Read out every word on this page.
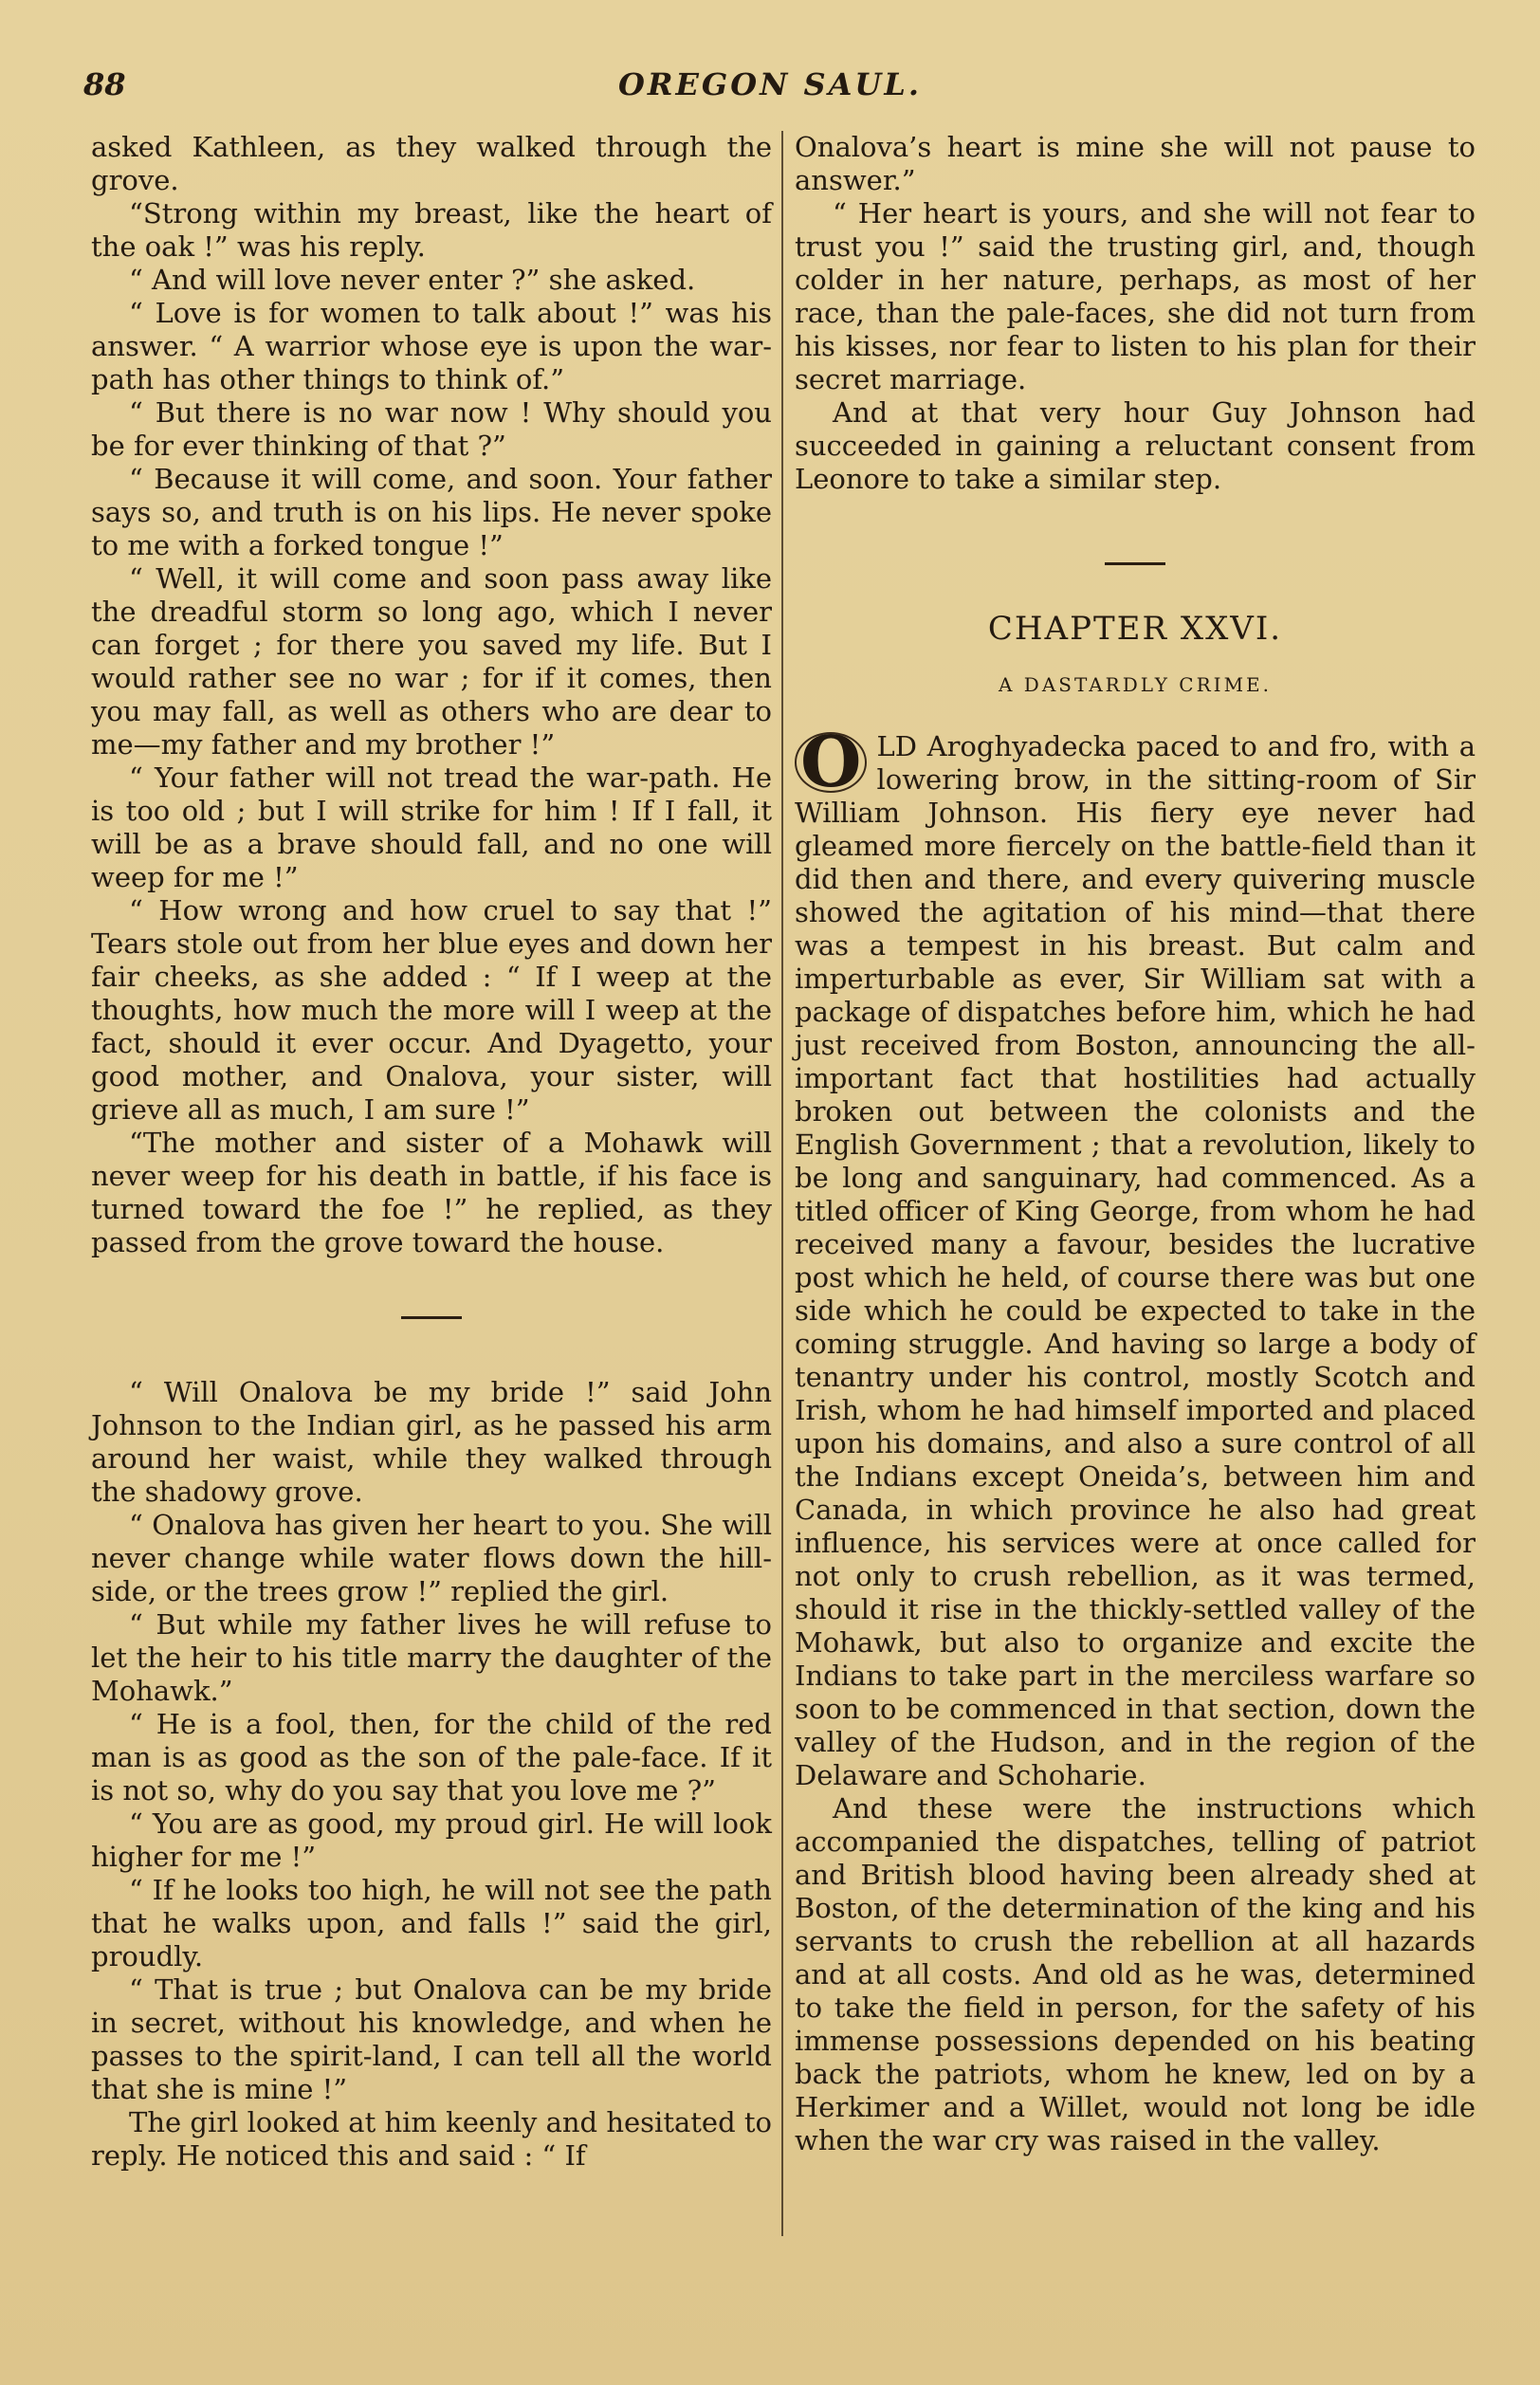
88	OREGON SAUL.

asked Kathleen, as they walked through the grove.

“Strong within my breast, like the heart of the oak !” was his reply.

“ And will love never enter ?” she asked.

“ Love is for women to talk about !” was his answer. “ A warrior whose eye is upon the war-path has other things to think of.”

“ But there is no war now ! Why should you be for ever thinking of that ?”

“ Because it will come, and soon. Your father says so, and truth is on his lips. He never spoke to me with a forked tongue !”

“ Well, it will come and soon pass away like the dreadful storm so long ago, which I never can forget ; for there you saved my life. But I would rather see no war ; for if it comes, then you may fall, as well as others who are dear to me—my father and my brother !”

“ Your father will not tread the war-path. He is too old ; but I will strike for him ! If I fall, it will be as a brave should fall, and no one will weep for me !”

“ How wrong and how cruel to say that !” Tears stole out from her blue eyes and down her fair cheeks, as she added : “ If I weep at the thoughts, how much the more will I weep at the fact, should it ever occur. And Dyagetto, your good mother, and Onalova, your sister, will grieve all as much, I am sure !”

“The mother and sister of a Mohawk will never weep for his death in battle, if his face is turned toward the foe !” he replied, as they passed from the grove toward the house.

“ Will Onalova be my bride !” said John Johnson to the Indian girl, as he passed his arm around her waist, while they walked through the shadowy grove.

“ Onalova has given her heart to you. She will never change while water flows down the hill-side, or the trees grow !” replied the girl.

“ But while my father lives he will refuse to let the heir to his title marry the daughter of the Mohawk.”

“ He is a fool, then, for the child of the red man is as good as the son of the pale-face. If it is not so, why do you say that you love me ?”

“ You are as good, my proud girl. He will look higher for me !”

“ If he looks too high, he will not see the path that he walks upon, and falls !” said the girl, proudly.

“ That is true ; but Onalova can be my bride in secret, without his knowledge, and when he passes to the spirit-land, I can tell all the world that she is mine !”

The girl looked at him keenly and hesitated to reply. He noticed this and said : “ If

Onalova’s heart is mine she will not pause to answer.”

“ Her heart is yours, and she will not fear to trust you !” said the trusting girl, and, though colder in her nature, perhaps, as most of her race, than the pale-faces, she did not turn from his kisses, nor fear to listen to his plan for their secret marriage.

And at that very hour Guy Johnson had succeeded in gaining a reluctant consent from Leonore to take a similar step.

CHAPTER XXVI.
A DASTARDLY CRIME.

O LD Aroghyadecka paced to and fro, with a lowering brow, in the sitting-room of Sir William Johnson. His fiery eye never had gleamed more fiercely on the battle-field than it did then and there, and every quivering muscle showed the agitation of his mind—that there was a tempest in his breast. But calm and imperturbable as ever, Sir William sat with a package of dispatches before him, which he had just received from Boston, announcing the all-important fact that hostilities had actually broken out between the colonists and the English Government ; that a revolution, likely to be long and sanguinary, had commenced. As a titled officer of King George, from whom he had received many a favour, besides the lucrative post which he held, of course there was but one side which he could be expected to take in the coming struggle. And having so large a body of tenantry under his control, mostly Scotch and Irish, whom he had himself imported and placed upon his domains, and also a sure control of all the Indians except Oneida’s, between him and Canada, in which province he also had great influence, his services were at once called for not only to crush rebellion, as it was termed, should it rise in the thickly-settled valley of the Mohawk, but also to organize and excite the Indians to take part in the merciless warfare so soon to be commenced in that section, down the valley of the Hudson, and in the region of the Delaware and Schoharie.

And these were the instructions which accompanied the dispatches, telling of patriot and British blood having been already shed at Boston, of the determination of the king and his servants to crush the rebellion at all hazards and at all costs. And old as he was, determined to take the field in person, for the safety of his immense possessions depended on his beating back the patriots, whom he knew, led on by a Herkimer and a Willet, would not long be idle when the war cry was raised in the valley.
